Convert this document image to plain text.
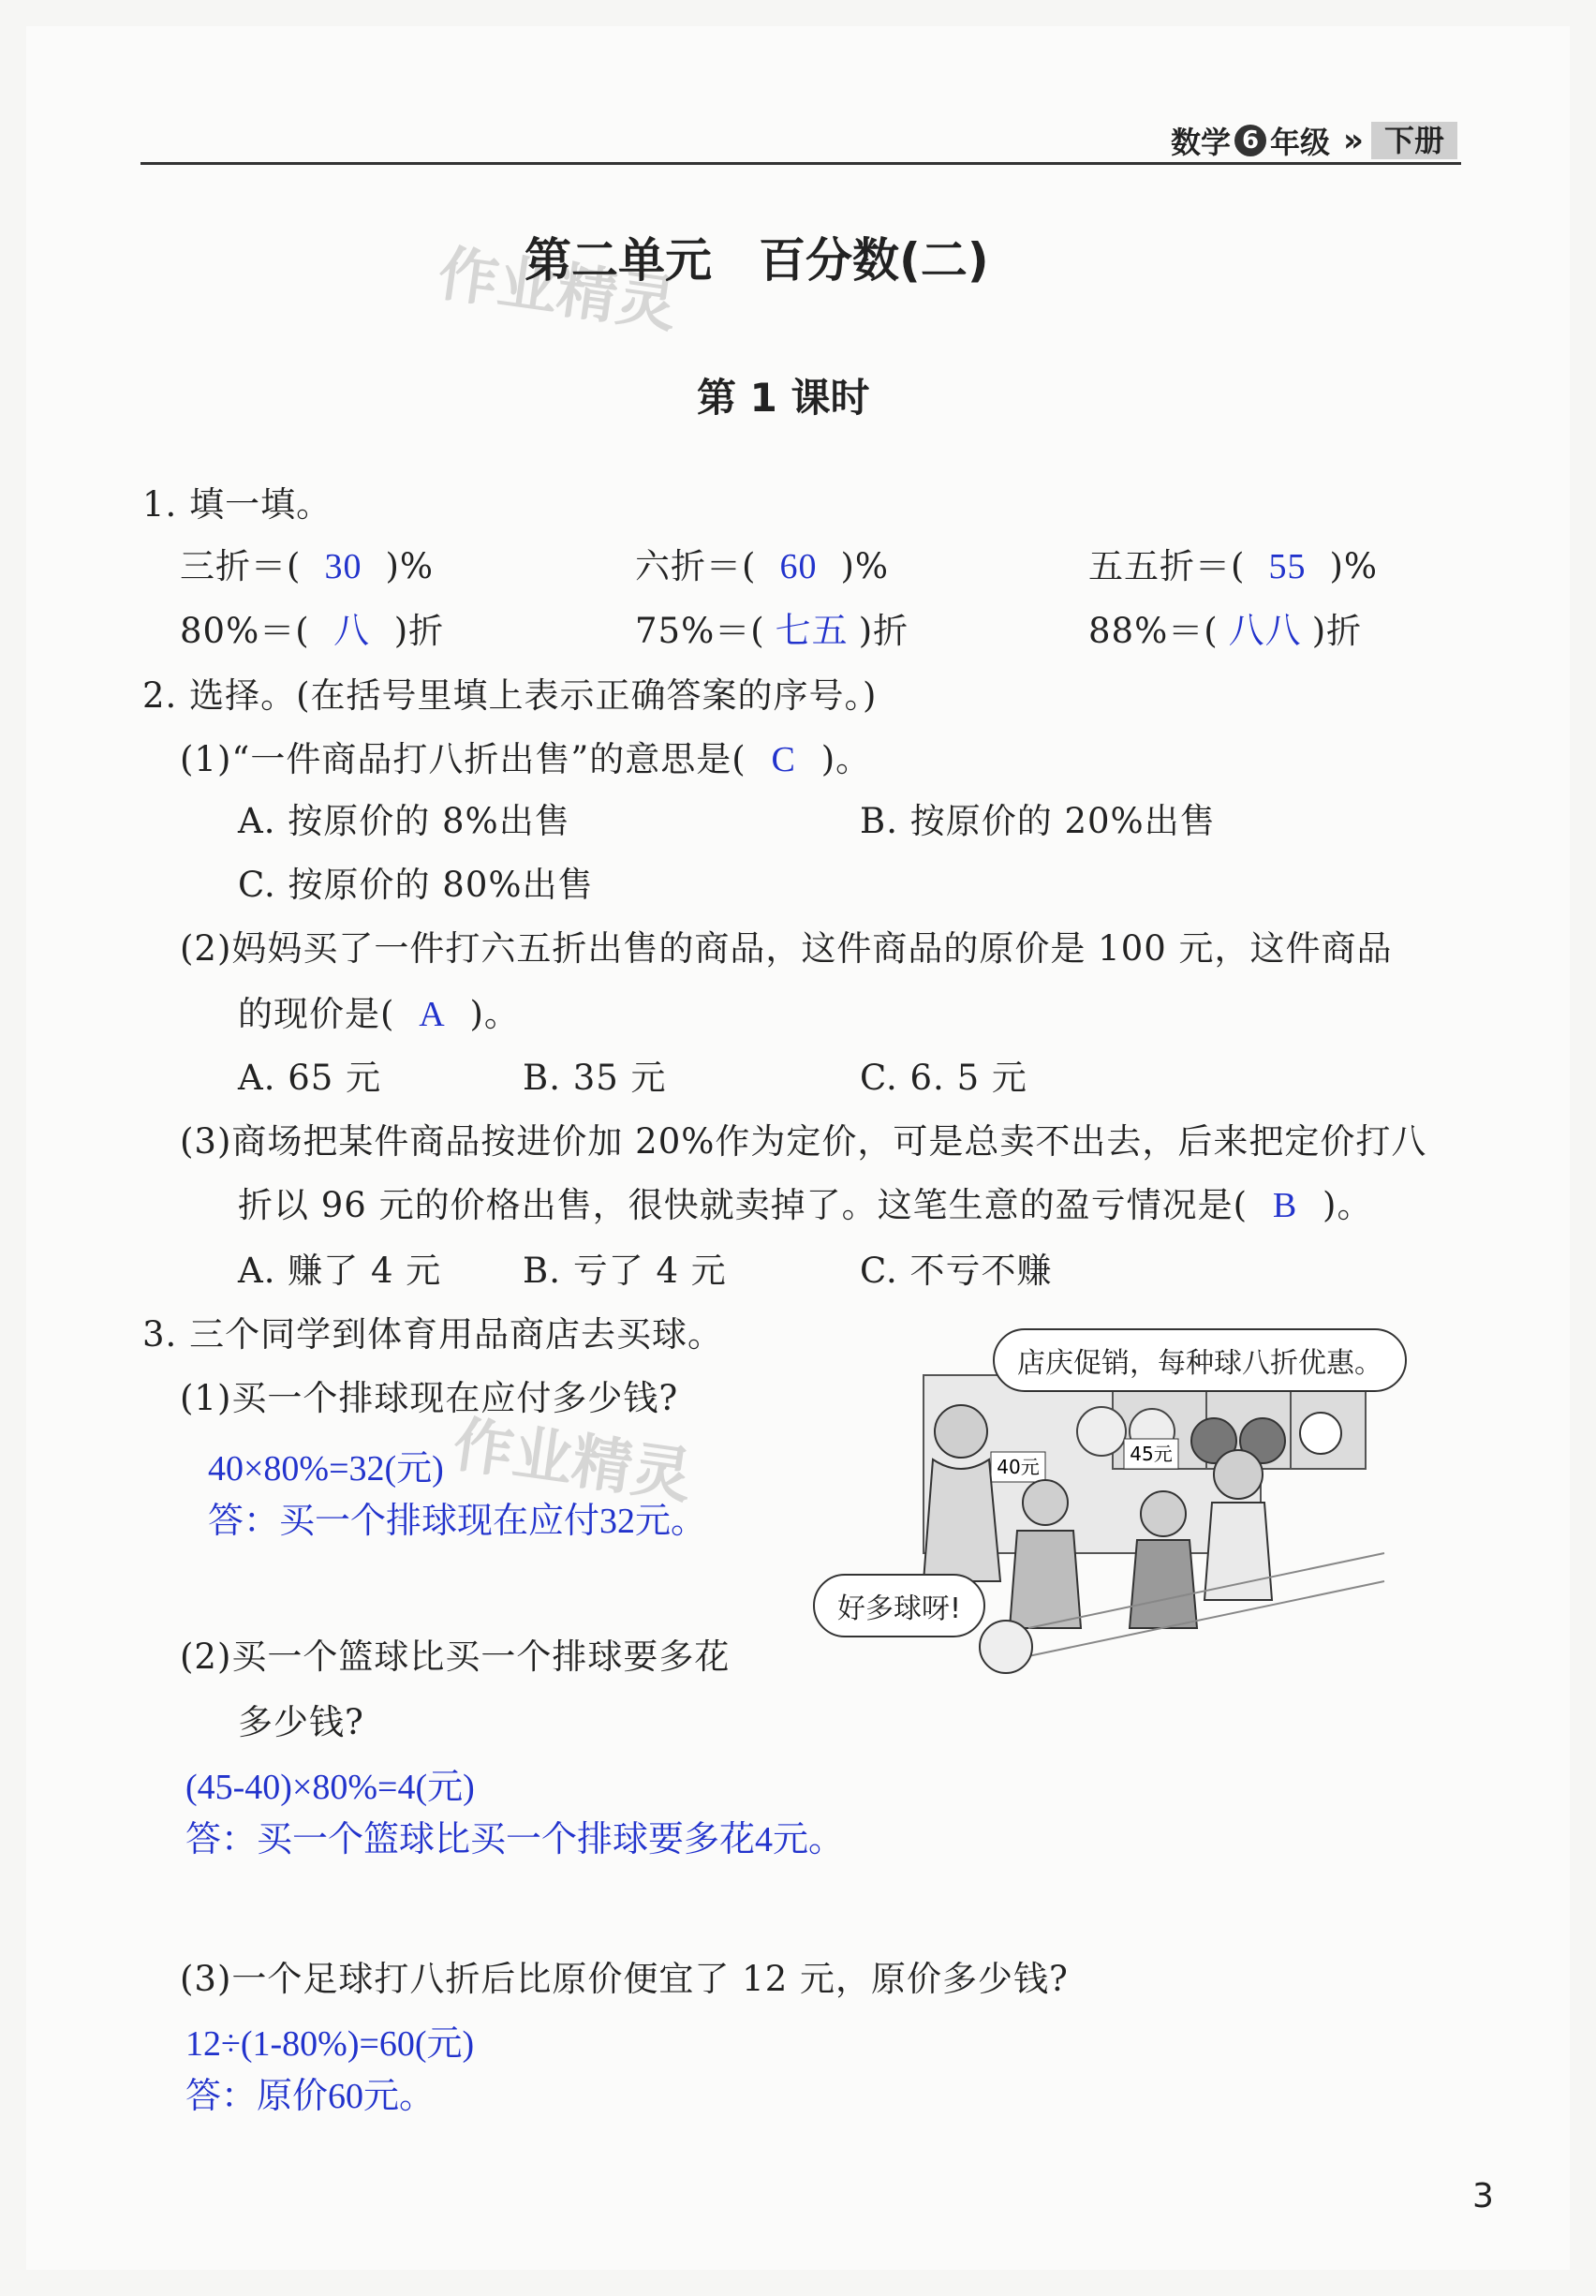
数学 6 年级 » 下册
作业精灵
第二单元　百分数(二)
第 1 课时
1. 填一填。
三折＝( 30 )%	六折＝( 60 )%	五五折＝( 55 )%
80%＝( 八 )折	75%＝( 七五 )折	88%＝( 八八 )折
2. 选择。(在括号里填上表示正确答案的序号。)
(1)“一件商品打八折出售”的意思是( C )。
A. 按原价的 8%出售	B. 按原价的 20%出售
C. 按原价的 80%出售
(2)妈妈买了一件打六五折出售的商品，这件商品的原价是 100 元，这件商品
的现价是( A )。
A. 65 元	B. 35 元	C. 6. 5 元
(3)商场把某件商品按进价加 20%作为定价，可是总卖不出去，后来把定价打八
折以 96 元的价格出售，很快就卖掉了。这笔生意的盈亏情况是( B )。
A. 赚了 4 元 B. 亏了 4 元	C. 不亏不赚
3. 三个同学到体育用品商店去买球。
(1)买一个排球现在应付多少钱?
40×80%=32(元) 作业精灵
答：买一个排球现在应付32元。
(2)买一个篮球比买一个排球要多花
多少钱?
(45-40)×80%=4(元)
答：买一个篮球比买一个排球要多花4元。
(3)一个足球打八折后比原价便宜了 12 元，原价多少钱?
12÷(1-80%)=60(元)
答：原价60元。
40元
45元
店庆促销，每种球八折优惠。
好多球呀!
3
